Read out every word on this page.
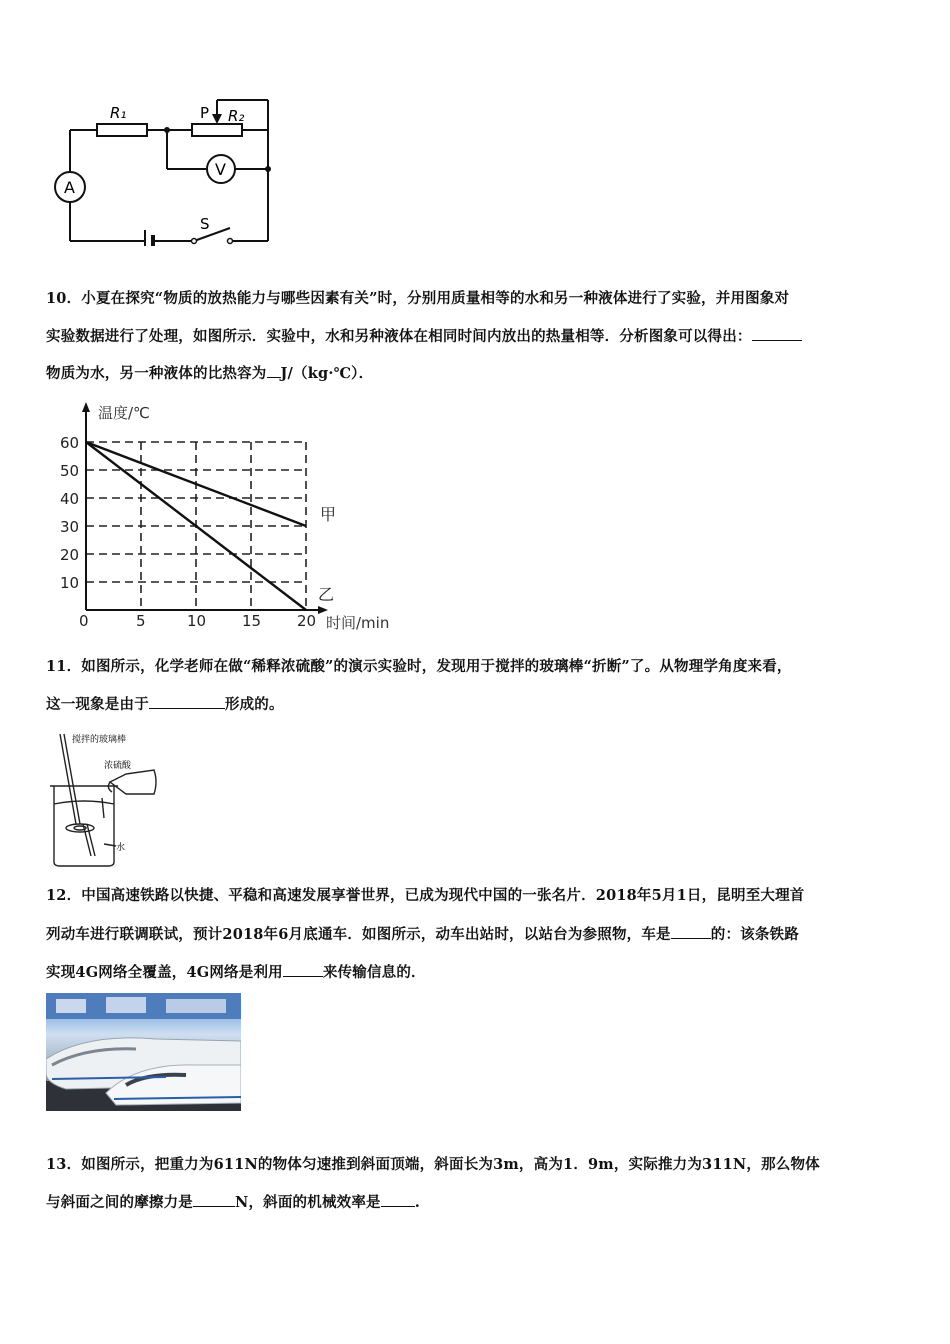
R₁	P R₂
A
V
S
10．小夏在探究“物质的放热能力与哪些因素有关”时，分别用质量相等的水和另一种液体进行了实验，并用图象对
实验数据进行了处理，如图所示．实验中，水和另种液体在相同时间内放出的热量相等．分析图象可以得出：
物质为水，另一种液体的比热容为 J/（kg·℃）．
10
20
30
40
50
60
0	5	10 15 20
温度/℃
时间/min
甲
乙
11．如图所示，化学老师在做“稀释浓硫酸”的演示实验时，发现用于搅拌的玻璃棒“折断”了。从物理学角度来看，
这一现象是由于	形成的。
搅拌的玻璃棒
浓硫酸
水
12．中国高速铁路以快捷、平稳和高速发展享誉世界，已成为现代中国的一张名片．2018年5月1日，昆明至大理首
列动车进行联调联试，预计2018年6月底通车．如图所示，动车出站时，以站台为参照物，车是	的：该条铁路
实现4G网络全覆盖，4G网络是利用	来传输信息的．
13．如图所示，把重力为611N的物体匀速推到斜面顶端，斜面长为3m，高为1．9m，实际推力为311N，那么物体
与斜面之间的摩擦力是	N，斜面的机械效率是 .
